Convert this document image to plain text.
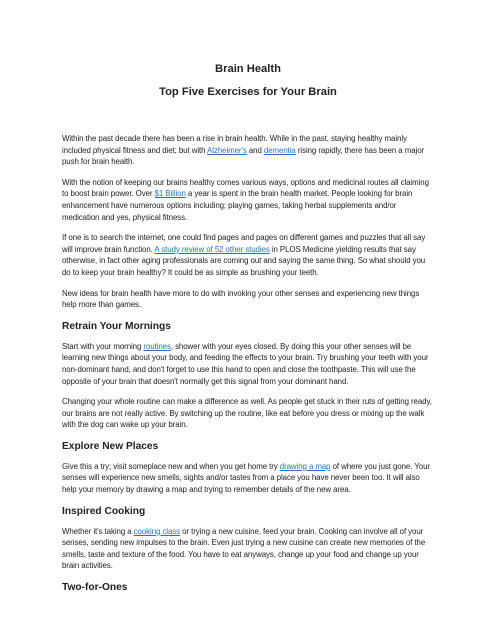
Brain Health
Top Five Exercises for Your Brain

Within the past decade there has been a rise in brain health. While in the past, staying healthy mainly included physical fitness and diet; but with Alzheimer's and dementia rising rapidly, there has been a major push for brain health.

With the notion of keeping our brains healthy comes various ways, options and medicinal routes all claiming to boost brain power. Over $1 Billion a year is spent in the brain health market. People looking for brain enhancement have numerous options including; playing games, taking herbal supplements and/or medication and yes, physical fitness.

If one is to search the internet, one could find pages and pages on different games and puzzles that all say will improve brain function. A study review of 52 other studies in PLOS Medicine yielding results that say otherwise, in fact other aging professionals are coming out and saying the same thing. So what should you do to keep your brain healthy? It could be as simple as brushing your teeth.

New ideas for brain health have more to do with invoking your other senses and experiencing new things help more than games.

Retrain Your Mornings

Start with your morning routines, shower with your eyes closed. By doing this your other senses will be learning new things about your body, and feeding the effects to your brain. Try brushing your teeth with your non-dominant hand, and don't forget to use this hand to open and close the toothpaste. This will use the opposite of your brain that doesn't normally get this signal from your dominant hand.

Changing your whole routine can make a difference as well. As people get stuck in their ruts of getting ready, our brains are not really active. By switching up the routine, like eat before you dress or mixing up the walk with the dog can wake up your brain.

Explore New Places

Give this a try; visit someplace new and when you get home try drawing a map of where you just gone. Your senses will experience new smells, sights and/or tastes from a place you have never been too. It will also help your memory by drawing a map and trying to remember details of the new area.

Inspired Cooking

Whether it's taking a cooking class or trying a new cuisine, feed your brain. Cooking can involve all of your senses, sending new impulses to the brain. Even just trying a new cuisine can create new memories of the smells, taste and texture of the food. You have to eat anyways, change up your food and change up your brain activities.

Two-for-Ones
